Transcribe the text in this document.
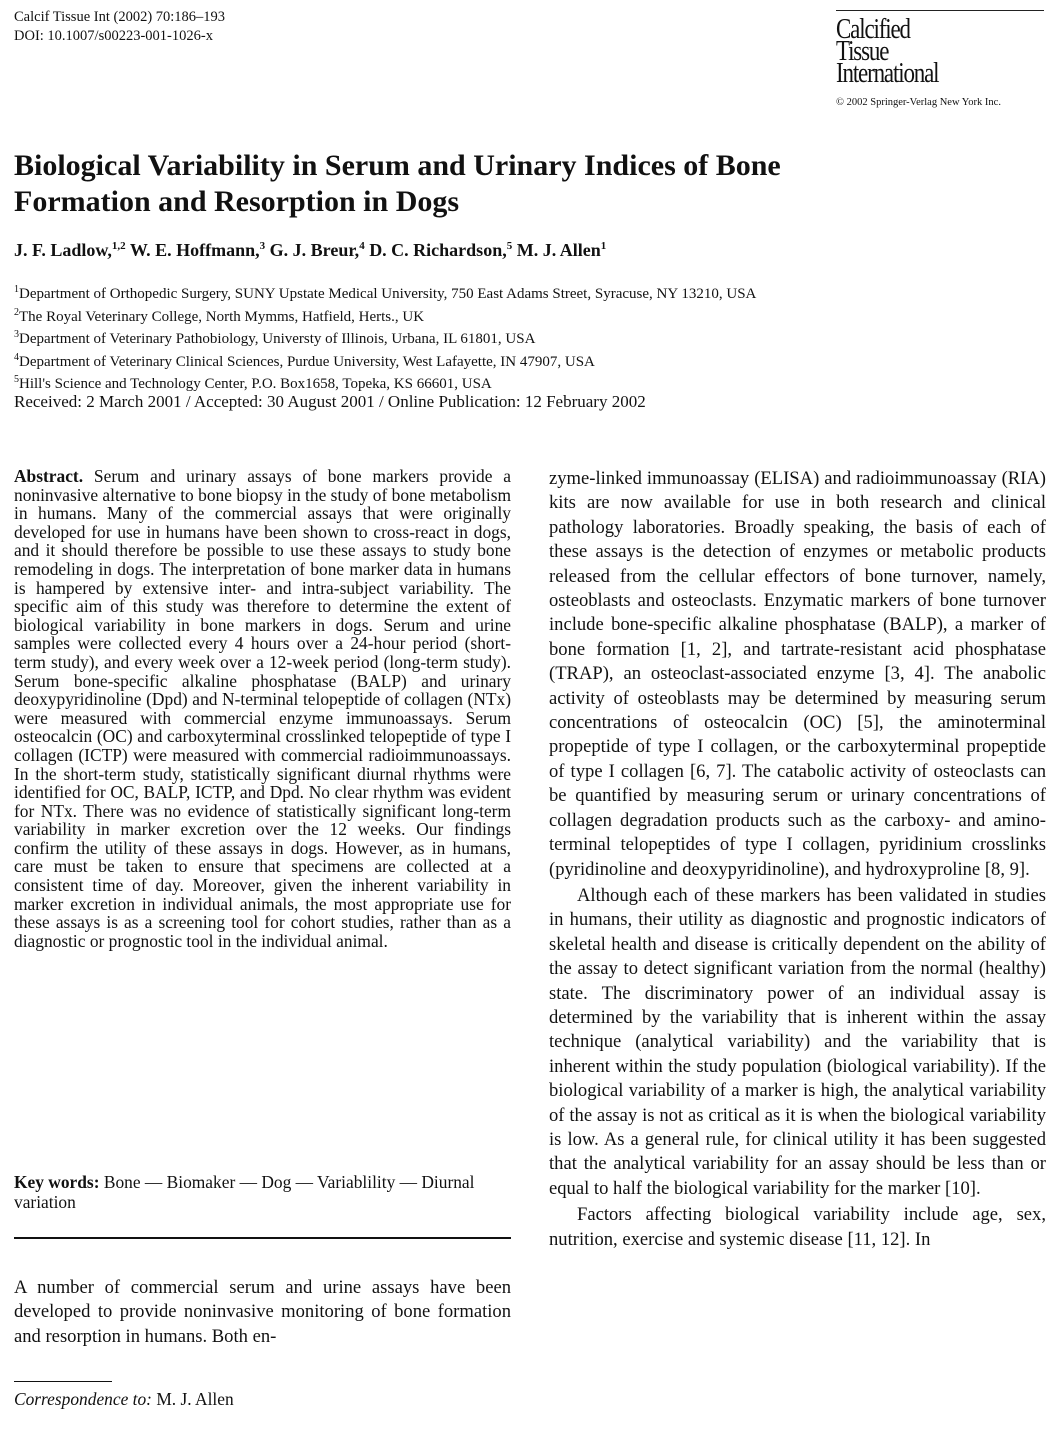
Calcif Tissue Int (2002) 70:186–193
DOI: 10.1007/s00223-001-1026-x	Calcified
Tissue
International
© 2002 Springer-Verlag New York Inc.
Biological Variability in Serum and Urinary Indices of Bone Formation and Resorption in Dogs
J. F. Ladlow,$^{1,2}$ W. E. Hoffmann,$^3$ G. J. Breur,$^4$ D. C. Richardson,$^5$ M. J. Allen$^1$
$^1$Department of Orthopedic Surgery, SUNY Upstate Medical University, 750 East Adams Street, Syracuse, NY 13210, USA
$^2$The Royal Veterinary College, North Mymms, Hatfield, Herts., UK
$^3$Department of Veterinary Pathobiology, Universty of Illinois, Urbana, IL 61801, USA
$^4$Department of Veterinary Clinical Sciences, Purdue University, West Lafayette, IN 47907, USA
$^5$Hill's Science and Technology Center, P.O. Box1658, Topeka, KS 66601, USA
Received: 2 March 2001 / Accepted: 30 August 2001 / Online Publication: 12 February 2002
Abstract. Serum and urinary assays of bone markers provide a noninvasive alternative to bone biopsy in the study of bone metabolism in humans. Many of the commercial assays that were originally developed for use in humans have been shown to cross-react in dogs, and it should therefore be possible to use these assays to study bone remodeling in dogs. The interpretation of bone marker data in humans is hampered by extensive inter- and intra-subject variability. The specific aim of this study was therefore to determine the extent of biological variability in bone markers in dogs. Serum and urine samples were collected every 4 hours over a 24-hour period (short-term study), and every week over a 12-week period (long-term study). Serum bone-specific alkaline phosphatase (BALP) and urinary deoxypyridinoline (Dpd) and N-terminal telopeptide of collagen (NTx) were measured with commercial enzyme immunoassays. Serum osteocalcin (OC) and carboxyterminal crosslinked telopeptide of type I collagen (ICTP) were measured with commercial radioimmunoassays. In the short-term study, statistically significant diurnal rhythms were identified for OC, BALP, ICTP, and Dpd. No clear rhythm was evident for NTx. There was no evidence of statistically significant long-term variability in marker excretion over the 12 weeks. Our findings confirm the utility of these assays in dogs. However, as in humans, care must be taken to ensure that specimens are collected at a consistent time of day. Moreover, given the inherent variability in marker excretion in individual animals, the most appropriate use for these assays is as a screening tool for cohort studies, rather than as a diagnostic or prognostic tool in the individual animal.
Key words: Bone — Biomaker — Dog — Variablility — Diurnal variation
A number of commercial serum and urine assays have been developed to provide noninvasive monitoring of bone formation and resorption in humans. Both en-
Correspondence to: M. J. Allen

zyme-linked immunoassay (ELISA) and radioimmunoassay (RIA) kits are now available for use in both research and clinical pathology laboratories. Broadly speaking, the basis of each of these assays is the detection of enzymes or metabolic products released from the cellular effectors of bone turnover, namely, osteoblasts and osteoclasts. Enzymatic markers of bone turnover include bone-specific alkaline phosphatase (BALP), a marker of bone formation [1, 2], and tartrate-resistant acid phosphatase (TRAP), an osteoclast-associated enzyme [3, 4]. The anabolic activity of osteoblasts may be determined by measuring serum concentrations of osteocalcin (OC) [5], the aminoterminal propeptide of type I collagen, or the carboxyterminal propeptide of type I collagen [6, 7]. The catabolic activity of osteoclasts can be quantified by measuring serum or urinary concentrations of collagen degradation products such as the carboxy- and amino-terminal telopeptides of type I collagen, pyridinium crosslinks (pyridinoline and deoxypyridinoline), and hydroxyproline [8, 9].

Although each of these markers has been validated in studies in humans, their utility as diagnostic and prognostic indicators of skeletal health and disease is critically dependent on the ability of the assay to detect significant variation from the normal (healthy) state. The discriminatory power of an individual assay is determined by the variability that is inherent within the assay technique (analytical variability) and the variability that is inherent within the study population (biological variability). If the biological variability of a marker is high, the analytical variability of the assay is not as critical as it is when the biological variability is low. As a general rule, for clinical utility it has been suggested that the analytical variability for an assay should be less than or equal to half the biological variability for the marker [10].

Factors affecting biological variability include age, sex, nutrition, exercise and systemic disease [11, 12]. In
